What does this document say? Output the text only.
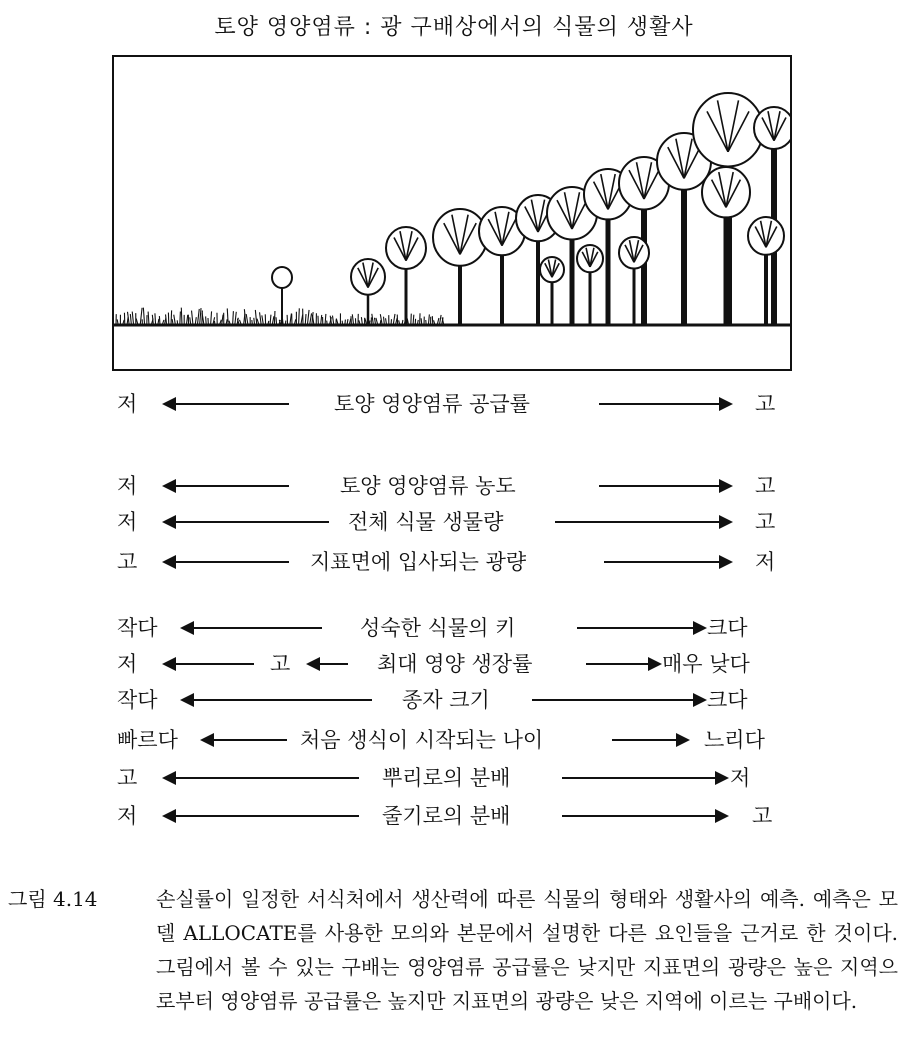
토양 영양염류 : 광 구배상에서의 식물의 생활사
저	토양 영양염류 공급률	고
저	토양 영양염류 농도	고
저	전체 식물 생물량	고
고	지표면에 입사되는 광량	저
작다	성숙한 식물의 키	크다
저	고	최대 영양 생장률	매우 낮다
작다	종자 크기	크다
빠르다	처음 생식이 시작되는 나이	느리다
고	뿌리로의 분배	저
저	줄기로의 분배	고
그림 4.14	손실률이 일정한 서식처에서 생산력에 따른 식물의 형태와 생활사의 예측. 예측은 모델 ALLOCATE를 사용한 모의와 본문에서 설명한 다른 요인들을 근거로 한 것이다. 그림에서 볼 수 있는 구배는 영양염류 공급률은 낮지만 지표면의 광량은 높은 지역으로부터 영양염류 공급률은 높지만 지표면의 광량은 낮은 지역에 이르는 구배이다.
